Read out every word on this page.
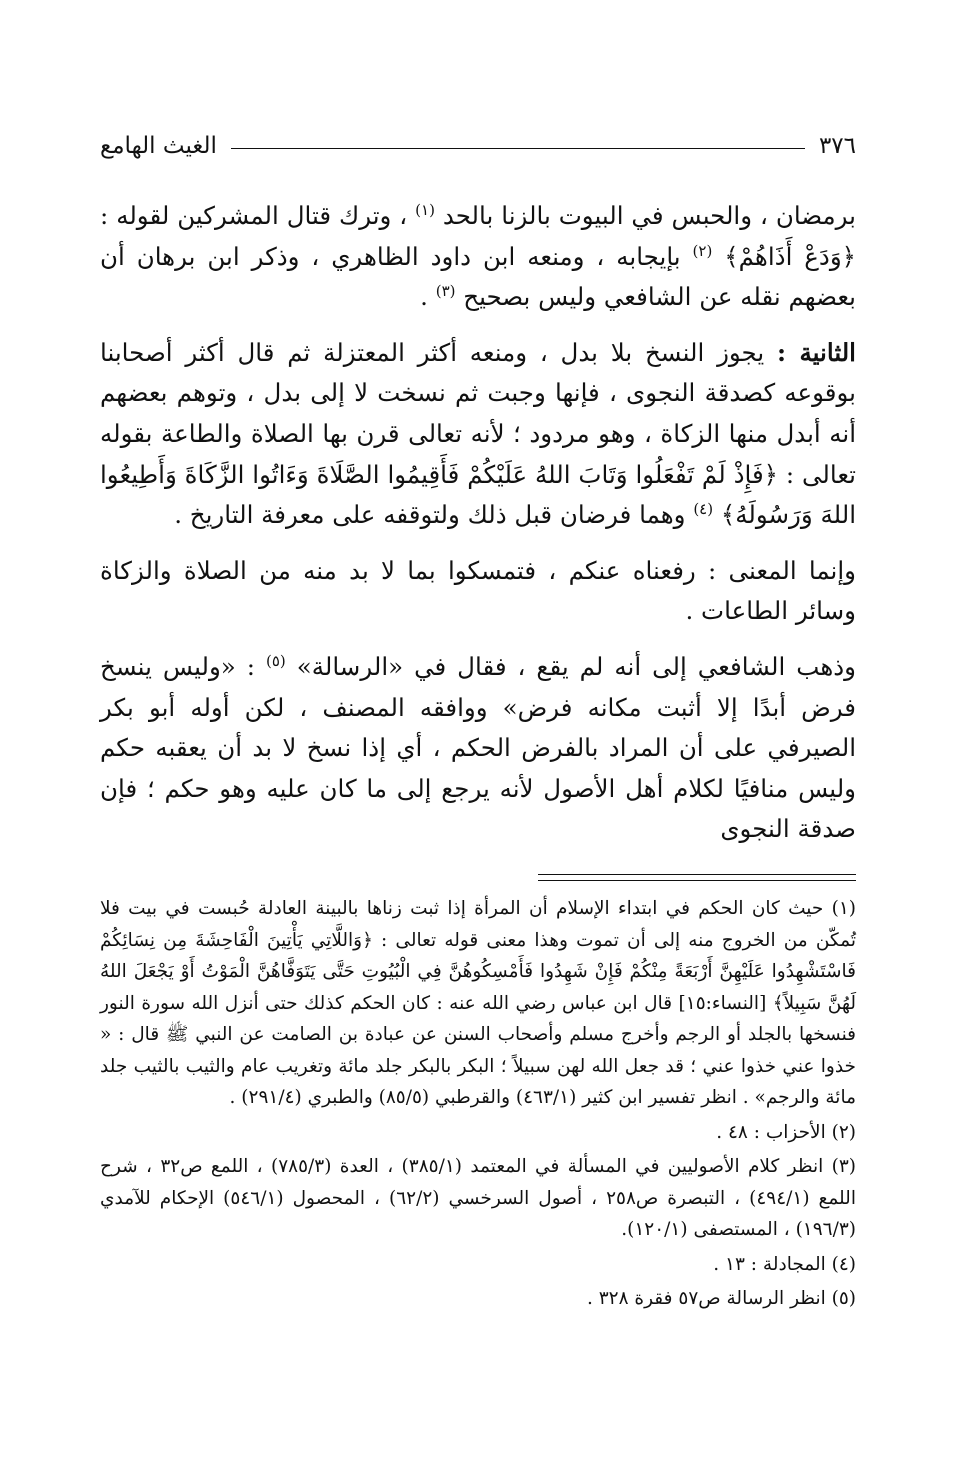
٣٧٦
الغيث الهامع

برمضان ، والحبس في البيوت بالزنا بالحد $^{(١)}$ ، وترك قتال المشركين لقوله : ﴿وَدَعْ أَذَاهُمْ﴾ $^{(٢)}$ بإيجابه ، ومنعه ابن داود الظاهري ، وذكر ابن برهان أن بعضهم نقله عن الشافعي وليس بصحيح $^{(٣)}$ .

الثانية : يجوز النسخ بلا بدل ، ومنعه أكثر المعتزلة ثم قال أكثر أصحابنا بوقوعه كصدقة النجوى ، فإنها وجبت ثم نسخت لا إلى بدل ، وتوهم بعضهم أنه أبدل منها الزكاة ، وهو مردود ؛ لأنه تعالى قرن بها الصلاة والطاعة بقوله تعالى : ﴿فَإِذْ لَمْ تَفْعَلُوا وَتَابَ اللهُ عَلَيْكُمْ فَأَقِيمُوا الصَّلَاةَ وَءَاتُوا الزَّكَاةَ وَأَطِيعُوا اللهَ وَرَسُولَهُ﴾ $^{(٤)}$ وهما فرضان قبل ذلك ولتوقفه على معرفة التاريخ .

وإنما المعنى : رفعناه عنكم ، فتمسكوا بما لا بد منه من الصلاة والزكاة وسائر الطاعات .

وذهب الشافعي إلى أنه لم يقع ، فقال في «الرسالة» $^{(٥)}$ : «وليس ينسخ فرض أبدًا إلا أثبت مكانه فرض» ووافقه المصنف ، لكن أوله أبو بكر الصيرفي على أن المراد بالفرض الحكم ، أي إذا نسخ لا بد أن يعقبه حكم وليس منافيًا لكلام أهل الأصول لأنه يرجع إلى ما كان عليه وهو حكم ؛ فإن صدقة النجوى

(١) حيث كان الحكم في ابتداء الإسلام أن المرأة إذا ثبت زناها بالبينة العادلة حُبست في بيت فلا تُمكّن من الخروج منه إلى أن تموت وهذا معنى قوله تعالى : ﴿وَاللَّاتِي يَأْتِينَ الْفَاحِشَةَ مِن نِسَائِكُمْ فَاسْتَشْهِدُوا عَلَيْهِنَّ أَرْبَعَةً مِنْكُمْ فَإِنْ شَهِدُوا فَأَمْسِكُوهُنَّ فِي الْبُيُوتِ حَتَّى يَتَوَفَّاهُنَّ الْمَوْتُ أَوْ يَجْعَلَ اللهُ لَهُنَّ سَبِيلاً﴾ [النساء:١٥] قال ابن عباس رضي الله عنه : كان الحكم كذلك حتى أنزل الله سورة النور فنسخها بالجلد أو الرجم وأخرج مسلم وأصحاب السنن عن عبادة بن الصامت عن النبي ﷺ قال : « خذوا عني خذوا عني ؛ قد جعل الله لهن سبيلاً ؛ البكر بالبكر جلد مائة وتغريب عام والثيب بالثيب جلد مائة والرجم» . انظر تفسير ابن كثير (٤٦٣/١) والقرطبي (٨٥/٥) والطبري (٢٩١/٤) .
(٢) الأحزاب : ٤٨ .
(٣) انظر كلام الأصوليين في المسألة في المعتمد (٣٨٥/١) ، العدة (٧٨٥/٣) ، اللمع ص٣٢ ، شرح اللمع (٤٩٤/١) ، التبصرة ص٢٥٨ ، أصول السرخسي (٦٢/٢) ، المحصول (٥٤٦/١) الإحكام للآمدي (١٩٦/٣) ، المستصفى (١٢٠/١).
(٤) المجادلة : ١٣ .
(٥) انظر الرسالة ص٥٧ فقرة ٣٢٨ .
